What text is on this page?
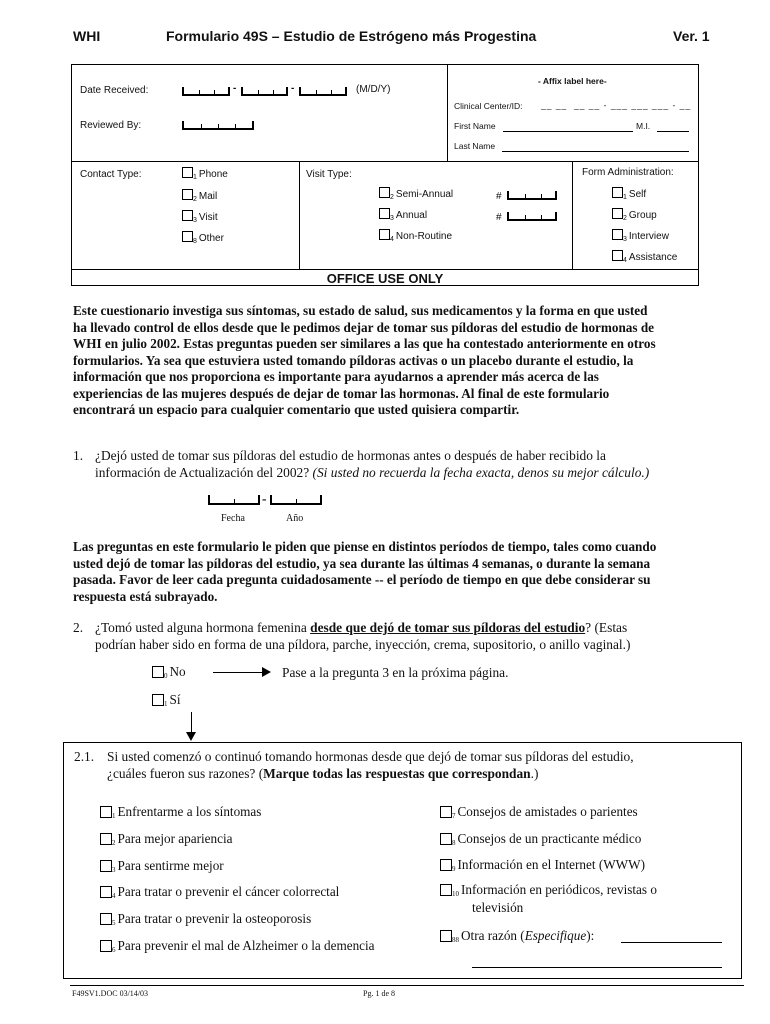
WHI	Formulario 49S – Estudio de Estrógeno más Progestina	Ver. 1
Date Received:	-	-	(M/D/Y)
Reviewed By:
- Affix label here-
Clinical Center/ID: __ __  __ __ - ___ ___ ___ - __
First Name	M.I.
Last Name
Contact Type:	$_1$ Phone
$_2$ Mail
$_3$ Visit
$_8$ Other
Visit Type:
$_2$ Semi-Annual
$_3$ Annual
$_4$ Non-Routine
#
#
Form Administration:
$_1$ Self
$_2$ Group
$_3$ Interview
$_4$ Assistance
OFFICE USE ONLY
Este cuestionario investiga sus síntomas, su estado de salud, sus medicamentos y la forma en que usted
ha llevado control de ellos desde que le pedimos dejar de tomar sus píldoras del estudio de hormonas de
WHI en julio 2002. Estas preguntas pueden ser similares a las que ha contestado anteriormente en otros
formularios. Ya sea que estuviera usted tomando píldoras activas o un placebo durante el estudio, la
información que nos proporciona es importante para ayudarnos a aprender más acerca de las
experiencias de las mujeres después de dejar de tomar las hormonas. Al final de este formulario
encontrará un espacio para cualquier comentario que usted quisiera compartir.
1. ¿Dejó usted de tomar sus píldoras del estudio de hormonas antes o después de haber recibido la
información de Actualización del 2002? (Si usted no recuerda la fecha exacta, denos su mejor cálculo.)
-
Fecha	Año
Las preguntas en este formulario le piden que piense en distintos períodos de tiempo, tales como cuando
usted dejó de tomar las píldoras del estudio, ya sea durante las últimas 4 semanas, o durante la semana
pasada. Favor de leer cada pregunta cuidadosamente -- el período de tiempo en que debe considerar su
respuesta está subrayado.
2. ¿Tomó usted alguna hormona femenina desde que dejó de tomar sus píldoras del estudio? (Estas
podrían haber sido en forma de una píldora, parche, inyección, crema, supositorio, o anillo vaginal.)
$_0$ No	Pase a la pregunta 3 en la próxima página.
$_1$ Sí
2.1. Si usted comenzó o continuó tomando hormonas desde que dejó de tomar sus píldoras del estudio,
¿cuáles fueron sus razones? (Marque todas las respuestas que correspondan.)
$_1$ Enfrentarme a los síntomas
$_2$ Para mejor apariencia
$_3$ Para sentirme mejor
$_4$ Para tratar o prevenir el cáncer colorrectal
$_5$ Para tratar o prevenir la osteoporosis
$_6$ Para prevenir el mal de Alzheimer o la demencia
$_7$ Consejos de amistades o parientes
$_8$ Consejos de un practicante médico
$_9$ Información en el Internet (WWW)
$_{10}$ Información en periódicos, revistas o
televisión
$_{88}$ Otra razón (Especifique):
F49SV1.DOC 03/14/03	Pg. 1 de 8
